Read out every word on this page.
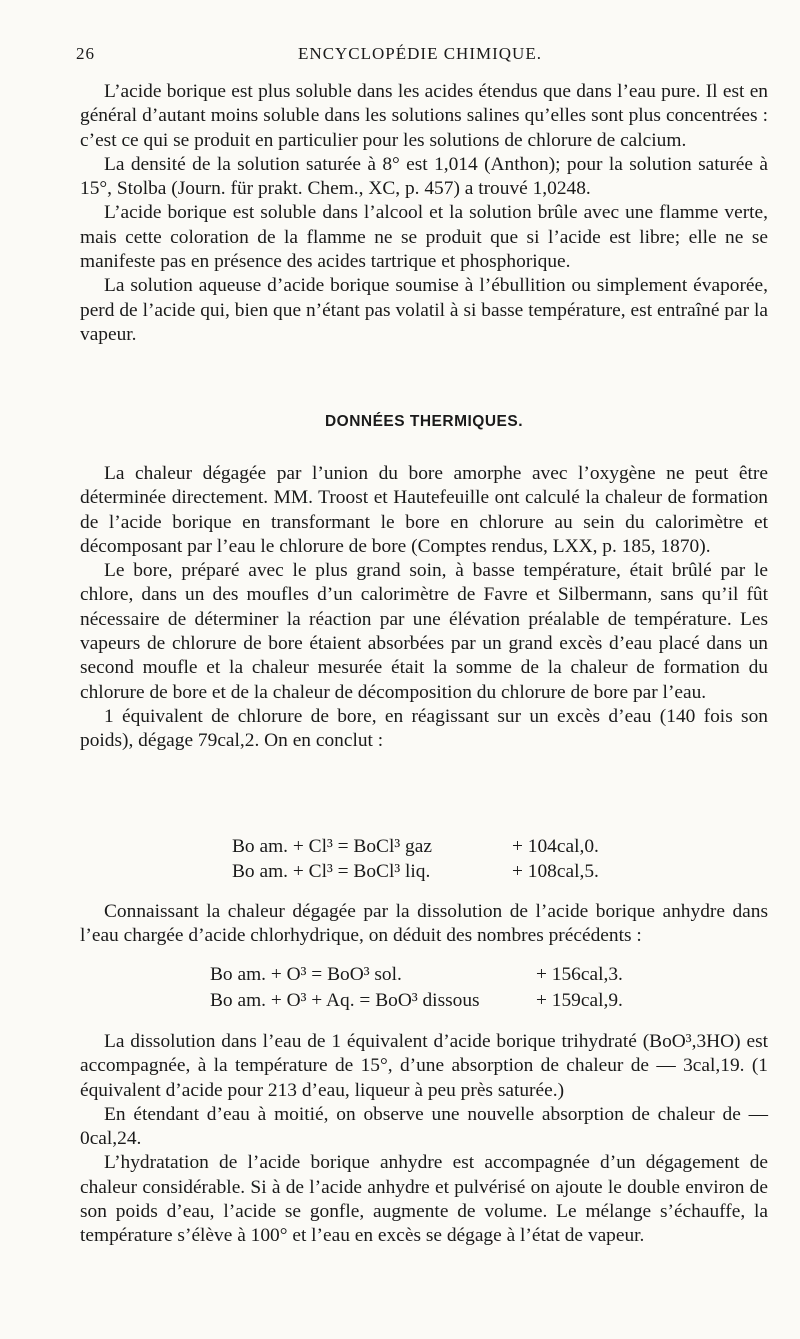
26	ENCYCLOPÉDIE CHIMIQUE.

L’acide borique est plus soluble dans les acides étendus que dans l’eau pure. Il est en général d’autant moins soluble dans les solutions salines qu’elles sont plus concentrées : c’est ce qui se produit en particulier pour les solutions de chlorure de calcium.

La densité de la solution saturée à 8° est 1,014 (Anthon); pour la solution saturée à 15°, Stolba (Journ. für prakt. Chem., XC, p. 457) a trouvé 1,0248.

L’acide borique est soluble dans l’alcool et la solution brûle avec une flamme verte, mais cette coloration de la flamme ne se produit que si l’acide est libre; elle ne se manifeste pas en présence des acides tartrique et phosphorique.

La solution aqueuse d’acide borique soumise à l’ébullition ou simplement évaporée, perd de l’acide qui, bien que n’étant pas volatil à si basse température, est entraîné par la vapeur.

DONNÉES THERMIQUES.

La chaleur dégagée par l’union du bore amorphe avec l’oxygène ne peut être déterminée directement. MM. Troost et Hautefeuille ont calculé la chaleur de formation de l’acide borique en transformant le bore en chlorure au sein du calorimètre et décomposant par l’eau le chlorure de bore (Comptes rendus, LXX, p. 185, 1870).

Le bore, préparé avec le plus grand soin, à basse température, était brûlé par le chlore, dans un des moufles d’un calorimètre de Favre et Silbermann, sans qu’il fût nécessaire de déterminer la réaction par une élévation préalable de température. Les vapeurs de chlorure de bore étaient absorbées par un grand excès d’eau placé dans un second moufle et la chaleur mesurée était la somme de la chaleur de formation du chlorure de bore et de la chaleur de décomposition du chlorure de bore par l’eau.

1 équivalent de chlorure de bore, en réagissant sur un excès d’eau (140 fois son poids), dégage 79cal,2. On en conclut :

Bo am. + Cl³ = BoCl³ gaz	+ 104cal,0.
Bo am. + Cl³ = BoCl³ liq.	+ 108cal,5.

Connaissant la chaleur dégagée par la dissolution de l’acide borique anhydre dans l’eau chargée d’acide chlorhydrique, on déduit des nombres précédents :

Bo am. + O³ = BoO³ sol.	+ 156cal,3.
Bo am. + O³ + Aq. = BoO³ dissous	+ 159cal,9.

La dissolution dans l’eau de 1 équivalent d’acide borique trihydraté (BoO³,3HO) est accompagnée, à la température de 15°, d’une absorption de chaleur de — 3cal,19. (1 équivalent d’acide pour 213 d’eau, liqueur à peu près saturée.)

En étendant d’eau à moitié, on observe une nouvelle absorption de chaleur de — 0cal,24.

L’hydratation de l’acide borique anhydre est accompagnée d’un dégagement de chaleur considérable. Si à de l’acide anhydre et pulvérisé on ajoute le double environ de son poids d’eau, l’acide se gonfle, augmente de volume. Le mélange s’échauffe, la température s’élève à 100° et l’eau en excès se dégage à l’état de vapeur.
